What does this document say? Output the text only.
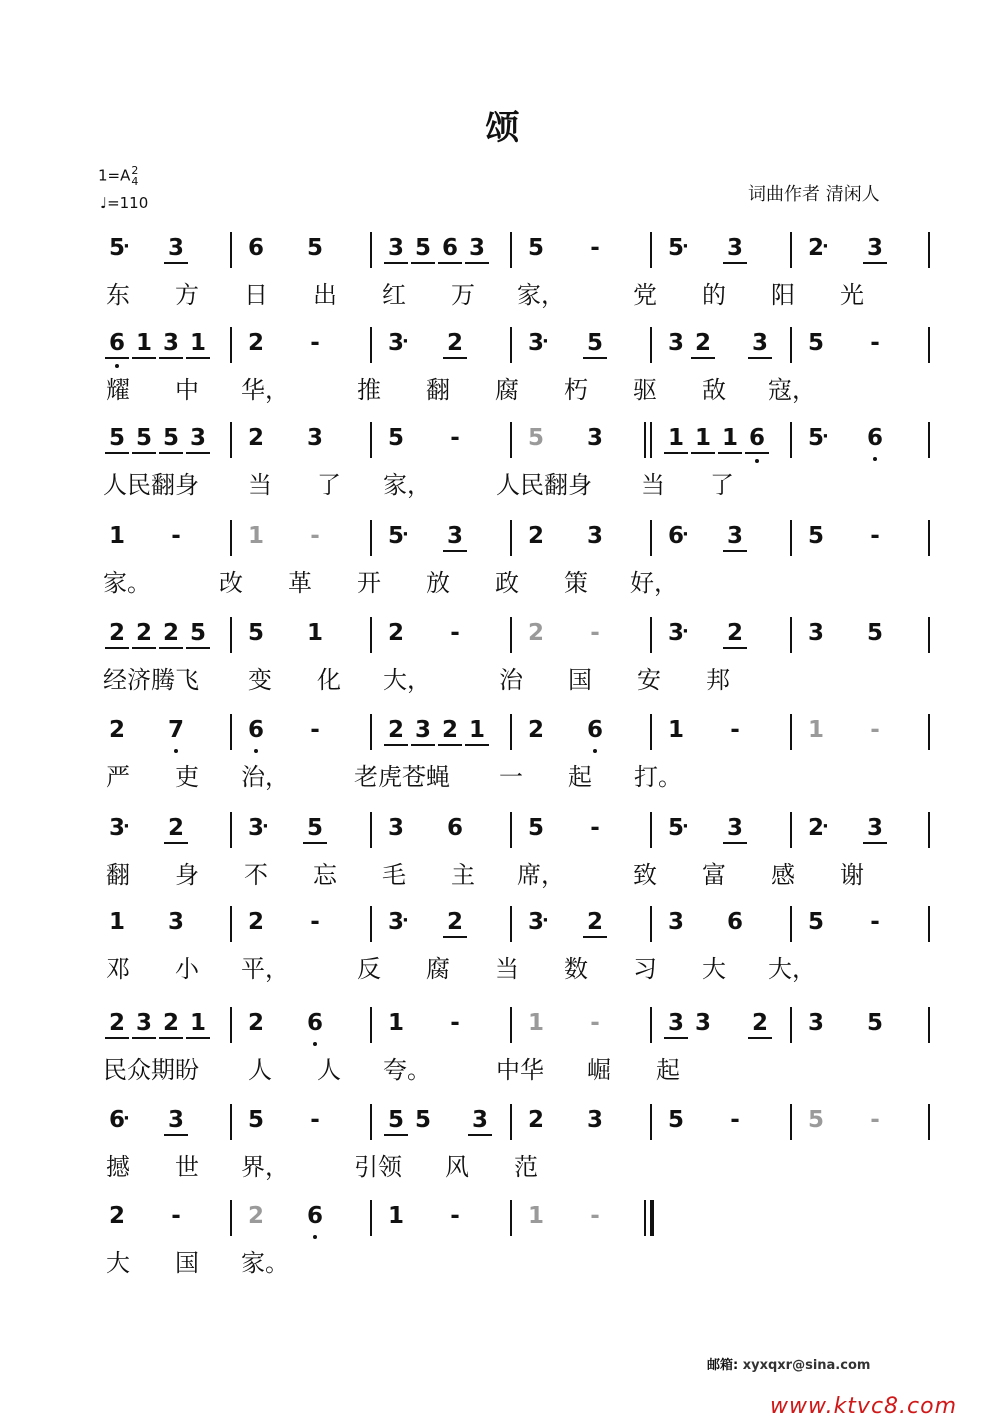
颂
1=A2
4
♩=110	词曲作者 清闲人
5
· 3	6 5	3 5 6 3 5	-	5
· 3	2
· 3
东 方 日 出 红 万 家，	党 的 阳 光
6 1 3 1 2	-	3
· 2	3
· 5	3 2 3 5	-
耀 中 华，	推 翻 腐 朽 驱 敌 寇，
5 5 5 3 2 3	5	-	5 3	1 1 1 6 5
· 6
人民翻身 当 了 家，	人民翻身 当 了
1	-	1	-	5
· 3	2 3	6
· 3	5	-
家。	改 革 开 放 政 策 好，
2 2 2 5 5 1	2	-	2	-	3
· 2	3 5
经济腾飞 变 化 大，	治 国 安 邦
2 7	6	-	2 3 2 1 2 6	1	-	1	-
严 吏 治，	老虎苍蝇 一 起 打。
3
· 2	3
· 5	3 6	5	-	5
· 3	2
· 3
翻 身 不 忘 毛 主 席，	致 富 感 谢
1 3	2	-	3
· 2	3
· 2	3 6	5	-
邓 小 平，	反 腐 当 数 习 大 大，
2 3 2 1 2 6	1	-	1	-	3 3 2 3 5
民众期盼 人 人 夸。	中华 崛 起
6
· 3	5	-	5 5 3 2 3	5	-	5	-
撼 世 界，	引领 风 范
2	-	2 6	1	-	1	-
大 国 家。
邮箱: xyxqxr@sina.com
www.ktvc8.com
